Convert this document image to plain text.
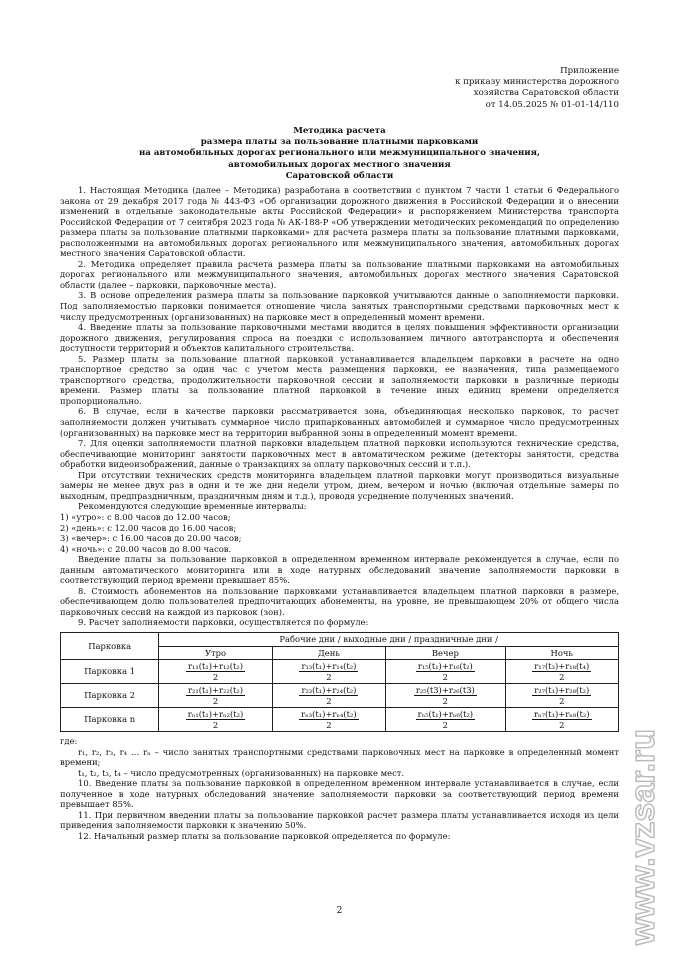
Приложение
к приказу министерства дорожного
хозяйства Саратовской области
от 14.05.2025 № 01-01-14/110
Методика расчета
размера платы за пользование платными парковками
на автомобильных дорогах регионального или межмуниципального значения,
автомобильных дорогах местного значения
Саратовской области

1. Настоящая Методика (далее – Методика) разработана в соответствии с пунктом 7 части 1 статьи 6 Федерального закона от 29 декабря 2017 года № 443-ФЗ «Об организации дорожного движения в Российской Федерации и о внесении изменений в отдельные законодательные акты Российской Федерации» и распоряжением Министерства транспорта Российской Федерации от 7 сентября 2023 года № АК-188-Р «Об утверждении методических рекомендаций по определению размера платы за пользование платными парковками» для расчета размера платы за пользование платными парковками, расположенными на автомобильных дорогах регионального или межмуниципального значения, автомобильных дорогах местного значения Саратовской области.

2. Методика определяет правила расчета размера платы за пользование платными парковками на автомобильных дорогах регионального или межмуниципального значения, автомобильных дорогах местного значения Саратовской области (далее – парковки, парковочные места).

3. В основе определения размера платы за пользование парковкой учитываются данные о заполняемости парковки. Под заполняемостью парковки понимается отношение числа занятых транспортными средствами парковочных мест к числу предусмотренных (организованных) на парковке мест в определенный момент времени.

4. Введение платы за пользование парковочными местами вводится в целях повышения эффективности организации дорожного движения, регулирования спроса на поездки с использованием личного автотранспорта и обеспечения доступности территорий и объектов капитального строительства.

5. Размер платы за пользование платной парковкой устанавливается владельцем парковки в расчете на одно транспортное средство за один час с учетом места размещения парковки, ее назначения, типа размещаемого транспортного средства, продолжительности парковочной сессии и заполняемости парковки в различные периоды времени. Размер платы за пользование платной парковкой в течение иных единиц времени определяется пропорционально.

6. В случае, если в качестве парковки рассматривается зона, объединяющая несколько парковок, то расчет заполняемости должен учитывать суммарное число припаркованных автомобилей и суммарное число предусмотренных (организованных) на парковке мест на территории выбранной зоны в определенный момент времени.

7. Для оценки заполняемости платной парковки владельцем платной парковки используются технические средства, обеспечивающие мониторинг занятости парковочных мест в автоматическом режиме (детекторы занятости, средства обработки видеоизображений, данные о транзакциях за оплату парковочных сессий и т.п.).

При отсутствии технических средств мониторинга владельцем платной парковки могут производиться визуальные замеры не менее двух раз в одни и те же дни недели утром, днем, вечером и ночью (включая отдельные замеры по выходным, предпраздничным, праздничным дням и т.д.), проводя усреднение полученных значений.

Рекомендуются следующие временные интервалы:

1) «утро»: с 8.00 часов до 12.00 часов;

2) «день»: с 12.00 часов до 16.00 часов;

3) «вечер»: с 16.00 часов до 20.00 часов;

4) «ночь»: с 20.00 часов до 8.00 часов.

Введение платы за пользование парковкой в определенном временном интервале рекомендуется в случае, если по данным автоматического мониторинга или в ходе натурных обследований значение заполняемости парковки в соответствующий период времени превышает 85%.

8. Стоимость абонементов на пользование парковками устанавливается владельцем платной парковки в размере, обеспечивающем долю пользователей предпочитающих абонементы, на уровне, не превышающем 20% от общего числа парковочных сессий на каждой из парковок (зон).

9. Расчет заполняемости парковки, осуществляется по формуле:

Парковка	Рабочие дни / выходные дни / праздничные дни /			
	Утро	День	Вечер	Ночь
Парковка 1	$\frac{\text{r₁₁(t₁)+r₁₂(t₂)}}{2}$	$\frac{\text{r₁₃(t₁)+r₁₄(t₂)}}{2}$	$\frac{\text{r₁₅(t₁)+r₁₆(t₂)}}{2}$	$\frac{\text{r₁₇(t₃)+r₁₈(t₄)}}{2}$

Парковка 2	$\frac{\text{r₂₁(t₁)+r₂₂(t₂)}}{2}$	$\frac{\text{r₂₃(t₁)+r₂₄(t₂)}}{2}$	$\frac{\text{r₂₅(t3)+r₂₆(t3)}}{2}$	$\frac{\text{r₂₇(t₁)+r₂₈(t₂)}}{2}$

Парковка n	$\frac{\text{rₙ₁(t₁)+rₙ₂(t₂)}}{2}$	$\frac{\text{rₙ₃(t₁)+rₙ₄(t₂)}}{2}$	$\frac{\text{rₙ₅(t₁)+rₙ₆(t₂)}}{2}$	$\frac{\text{rₙ₇(t₁)+rₙ₈(t₂)}}{2}$

где:

r₁, r₂, r₃, r₄ … rₙ – число занятых транспортными средствами парковочных мест на парковке в определенный момент времени;

t₁, t₂, t₃, t₄ – число предусмотренных (организованных) на парковке мест.

10. Введение платы за пользование парковкой в определенном временном интервале устанавливается в случае, если полученное в ходе натурных обследований значение заполняемости парковки за соответствующий период времени превышает 85%.

11. При первичном введении платы за пользование парковкой расчет размера платы устанавливается исходя из цели приведения заполняемости парковки к значению 50%.

12. Начальный размер платы за пользование парковкой определяется по формуле:

2	www.vzsar.ru
